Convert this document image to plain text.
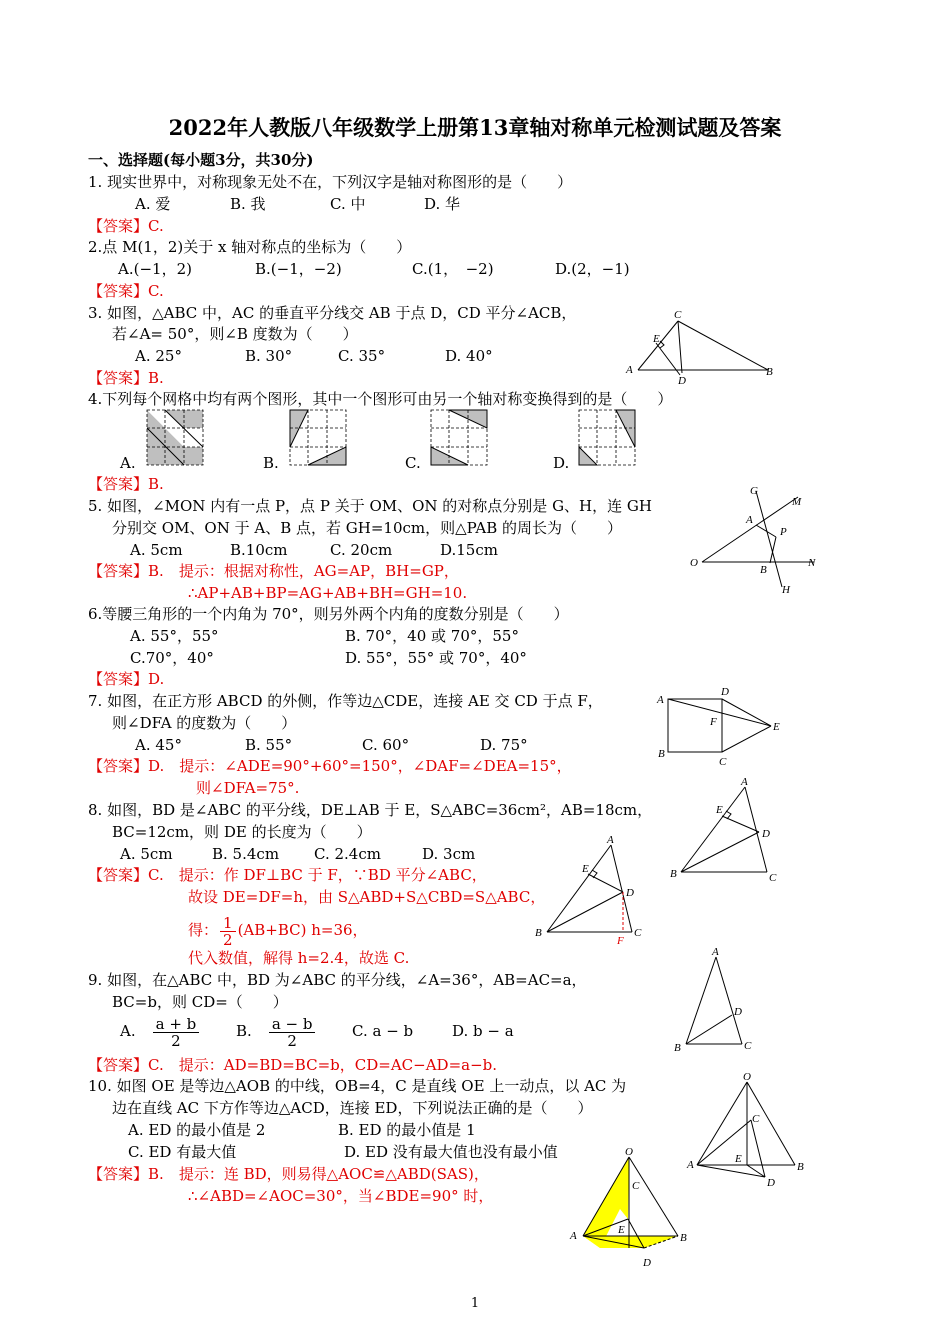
2022年人教版八年级数学上册第13章轴对称单元检测试题及答案
一、选择题(每小题3分，共30分)
1. 现实世界中，对称现象无处不在，下列汉字是轴对称图形的是（　　）
A. 爱	B. 我	C. 中	D. 华
【答案】C.
2.点 M(1，2)关于 x 轴对称点的坐标为（　　）
A.(−1，2)	B.(−1，−2)	C.(1，　−2)	D.(2，−1)
【答案】C.
3. 如图，△ABC 中，AC 的垂直平分线交 AB 于点 D，CD 平分∠ACB，
若∠A= 50°，则∠B 度数为（　　）
A. 25°	B. 30°	C. 35°	D. 40°
【答案】B.
C
E
A
D
B
4.下列每个网格中均有两个图形，其中一个图形可由另一个轴对称变换得到的是（　　）
A.	B.	C.	D.
【答案】B.
5. 如图，∠MON 内有一点 P，点 P 关于 OM、ON 的对称点分别是 G、H，连 GH
分别交 OM、ON 于 A、B 点，若 GH=10cm，则△PAB 的周长为（　　）
A. 5cm	B.10cm	C. 20cm	D.15cm
【答案】B.　 提示：根据对称性，AG=AP，BH=GP，
∴AP+AB+BP=AG+AB+BH=GH=10.
G
M
A
P
O	N
B
H
6.等腰三角形的一个内角为 70°，则另外两个内角的度数分别是（　　）
A. 55°，55°	B. 70°，40 或 70°，55°
C.70°，40°	D. 55°，55° 或 70°，40°
【答案】D.
7. 如图，在正方形 ABCD 的外侧，作等边△CDE，连接 AE 交 CD 于点 F，
则∠DFA 的度数为（　　）
A. 45°	B. 55°	C. 60°	D. 75°
【答案】D.　 提示：∠ADE=90°+60°=150°，∠DAF=∠DEA=15°，
则∠DFA=75°.
A
D
F	E
B
C
8. 如图，BD 是∠ABC 的平分线，DE⊥AB 于 E，S△ABC=36cm²，AB=18cm，
BC=12cm，则 DE 的长度为（　　）
A. 5cm	B. 5.4cm C. 2.4cm	D. 3cm
【答案】C.　 提示：作 DF⊥BC 于 F，∵BD 平分∠ABC，
故设 DE=DF=h，由 S△ABD+S△CBD=S△ABC，
得： $\frac{1}{2} (AB+BC)$ h=36，
代入数值，解得 h=2.4，故选 C.
A
E
D
B	C
A
E
D
B
F
C
9. 如图，在△ABC 中，BD 为∠ABC 的平分线，∠A=36°，AB=AC=a，
BC=b，则 CD=（　　）
A.　 $\frac{a + b}{2} B$.　 $\frac{a - b}{2} C$. a − b	D. b − a
【答案】C.　 提示：AD=BD=BC=b，CD=AC−AD=a−b.
A
D
B	C
10. 如图 OE 是等边△AOB 的中线，OB=4，C 是直线 OE 上一动点，以 AC 为
边在直线 AC 下方作等边△ACD，连接 ED，下列说法正确的是（　　）
A. ED 的最小值是 2	B. ED 的最小值是 1
C. ED 有最大值	D. ED 没有最大值也没有最小值
【答案】B.　 提示：连 BD，则易得△AOC≌△ABD(SAS)，
∴∠ABD=∠AOC=30°，当∠BDE=90° 时，
O
C
A	E
B
D
O
C
E
A	B
D
1
